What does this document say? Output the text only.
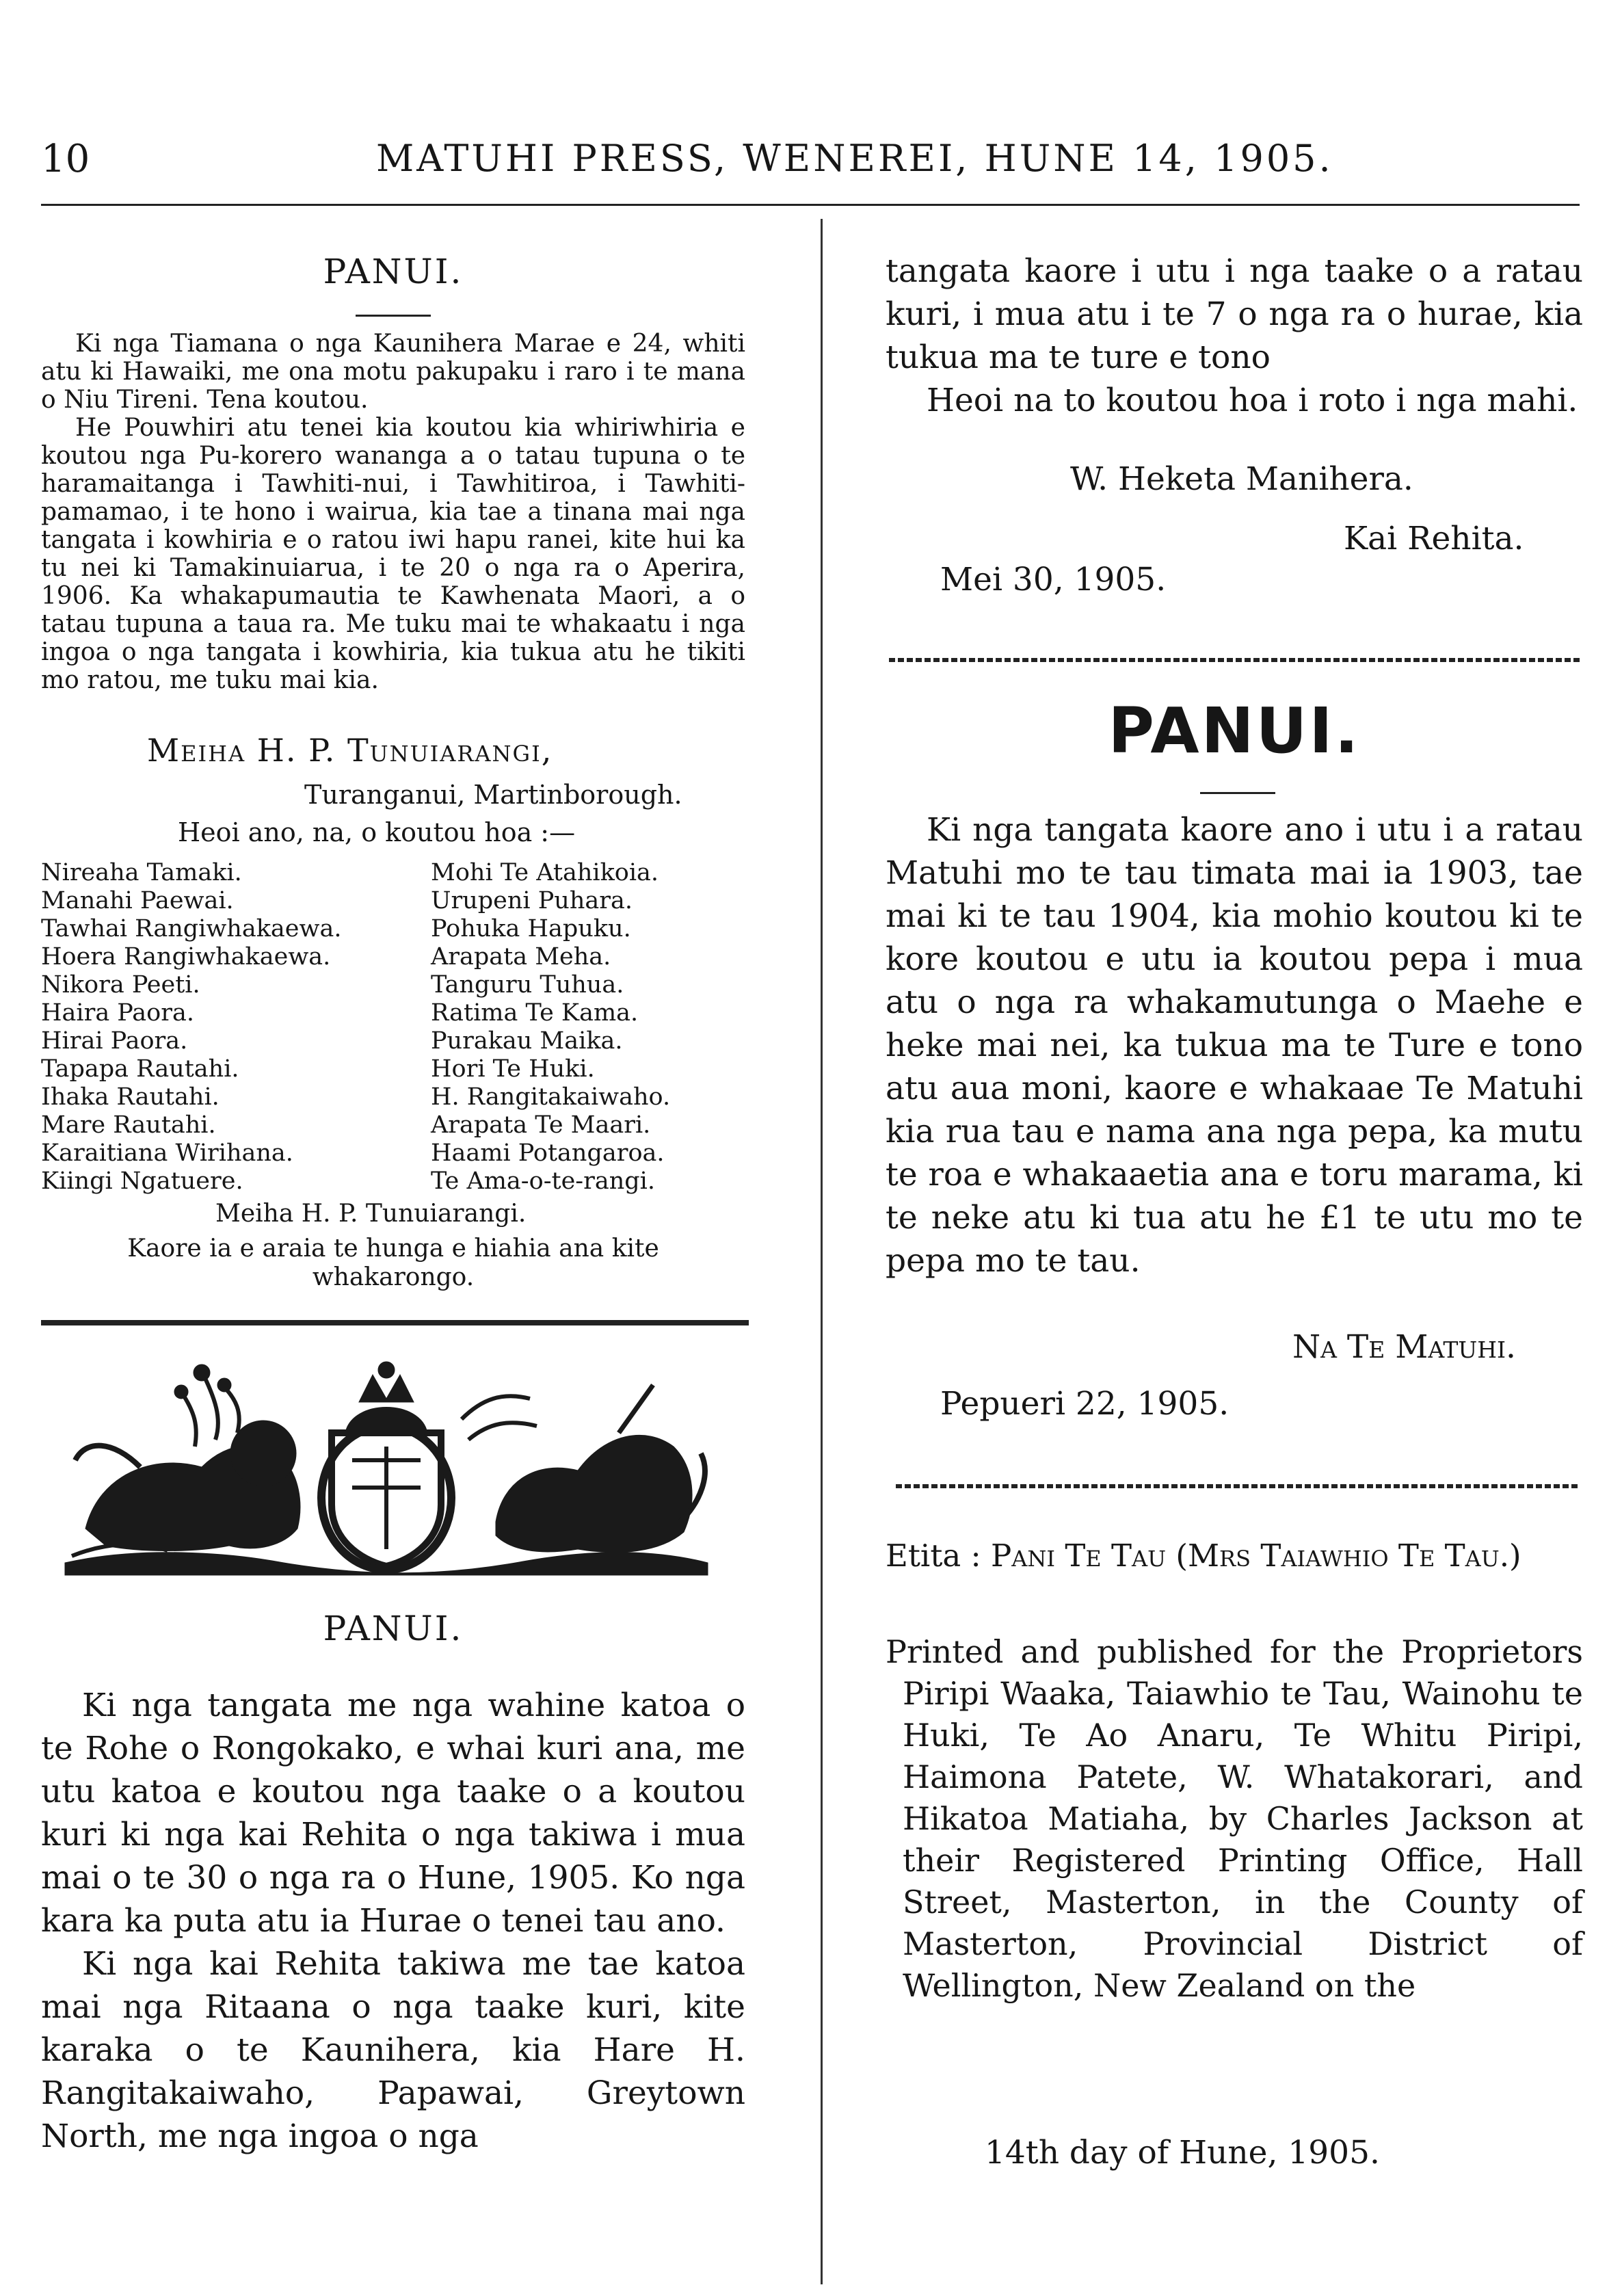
10	MATUHI PRESS, WENEREI, HUNE 14, 1905.
PANUI.

Ki nga Tiamana o nga Kaunihera Marae e 24, whiti atu ki Hawaiki, me ona motu pakupaku i raro i te mana o Niu Tireni. Tena koutou.

He Pouwhiri atu tenei kia koutou kia whiriwhiria e koutou nga Pu-korero wananga a o tatau tupuna o te haramaitanga i Tawhiti-nui, i Tawhitiroa, i Tawhiti-pamamao, i te hono i wairua, kia tae a tinana mai nga tangata i kowhiria e o ratou iwi hapu ranei, kite hui ka tu nei ki Tamakinuiarua, i te 20 o nga ra o Aperira, 1906. Ka whakapumautia te Kawhenata Maori, a o tatau tupuna a taua ra. Me tuku mai te whakaatu i nga ingoa o nga tangata i kowhiria, kia tukua atu he tikiti mo ratou, me tuku mai kia.

Meiha H. P. Tunuiarangi,
Turanganui, Martinborough.
Heoi ano, na, o koutou hoa :—
Nireaha Tamaki.	Mohi Te Atahikoia.
Manahi Paewai.	Urupeni Puhara.
Tawhai Rangiwhakaewa.	Pohuka Hapuku.
Hoera Rangiwhakaewa.	Arapata Meha.
Nikora Peeti.	Tanguru Tuhua.
Haira Paora.	Ratima Te Kama.
Hirai Paora.	Purakau Maika.
Tapapa Rautahi.	Hori Te Huki.
Ihaka Rautahi.	H. Rangitakaiwaho.
Mare Rautahi.	Arapata Te Maari.
Karaitiana Wirihana.	Haami Potangaroa.
Kiingi Ngatuere.	Te Ama-o-te-rangi.
Meiha H. P. Tunuiarangi.
Kaore ia e araia te hunga e hiahia ana kite whakarongo.
PANUI.

Ki nga tangata me nga wahine katoa o te Rohe o Rongokako, e whai kuri ana, me utu katoa e koutou nga taake o a koutou kuri ki nga kai Rehita o nga takiwa i mua mai o te 30 o nga ra o Hune, 1905. Ko nga kara ka puta atu ia Hurae o tenei tau ano.

Ki nga kai Rehita takiwa me tae katoa mai nga Ritaana o nga taake kuri, kite karaka o te Kaunihera, kia Hare H. Rangitakaiwaho, Papawai, Greytown North, me nga ingoa o nga

tangata kaore i utu i nga taake o a ratau kuri, i mua atu i te 7 o nga ra o hurae, kia tukua ma te ture e tono

Heoi na to koutou hoa i roto i nga mahi.

W. Heketa Manihera.
Kai Rehita.
Mei 30, 1905.
PANUI.

Ki nga tangata kaore ano i utu i a ratau Matuhi mo te tau timata mai ia 1903, tae mai ki te tau 1904, kia mohio koutou ki te kore koutou e utu ia koutou pepa i mua atu o nga ra whakamutunga o Maehe e heke mai nei, ka tukua ma te Ture e tono atu aua moni, kaore e whakaae Te Matuhi kia rua tau e nama ana nga pepa, ka mutu te roa e whakaaetia ana e toru marama, ki te neke atu ki tua atu he £1 te utu mo te pepa mo te tau.

Na Te Matuhi.
Pepueri 22, 1905.
Etita : Pani Te Tau (Mrs Taiawhio Te Tau.)
Printed and published for the Proprietors Piripi Waaka, Taiawhio te Tau, Wainohu te Huki, Te Ao Anaru, Te Whitu Piripi, Haimona Patete, W. Whatakorari, and Hikatoa Matiaha, by Charles Jackson at their Registered Printing Office, Hall Street, Masterton, in the County of Masterton, Provincial District of Wellington, New Zealand on the
14th day of Hune, 1905.
